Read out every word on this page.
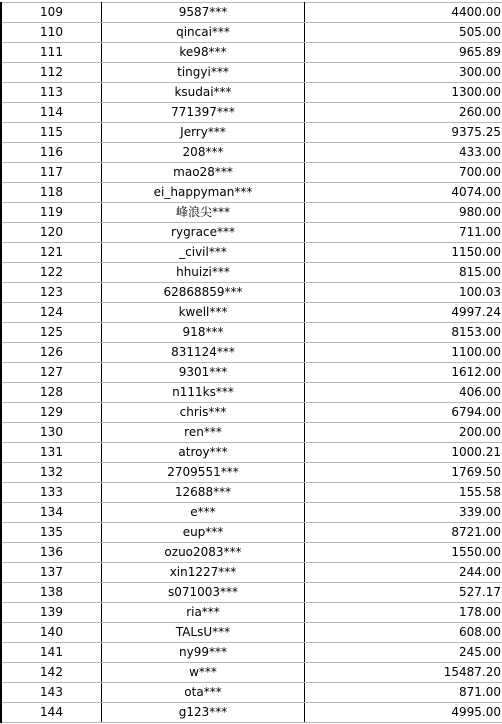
109	9587***	4400.00
110	qincai***	505.00
111	ke98***	965.89
112	tingyi***	300.00
113	ksudai***	1300.00
114	771397***	260.00
115	Jerry***	9375.25
116	208***	433.00
117	mao28***	700.00
118	ei_happyman***	4074.00
119	峰浪尖***	980.00
120	rygrace***	711.00
121	_civil***	1150.00
122	hhuizi***	815.00
123	62868859***	100.03
124	kwell***	4997.24
125	918***	8153.00
126	831124***	1100.00
127	9301***	1612.00
128	n111ks***	406.00
129	chris***	6794.00
130	ren***	200.00
131	atroy***	1000.21
132	2709551***	1769.50
133	12688***	155.58
134	e***	339.00
135	eup***	8721.00
136	ozuo2083***	1550.00
137	xin1227***	244.00
138	s071003***	527.17
139	ria***	178.00
140	TALsU***	608.00
141	ny99***	245.00
142	w***	15487.20
143	ota***	871.00
144	g123***	4995.00
